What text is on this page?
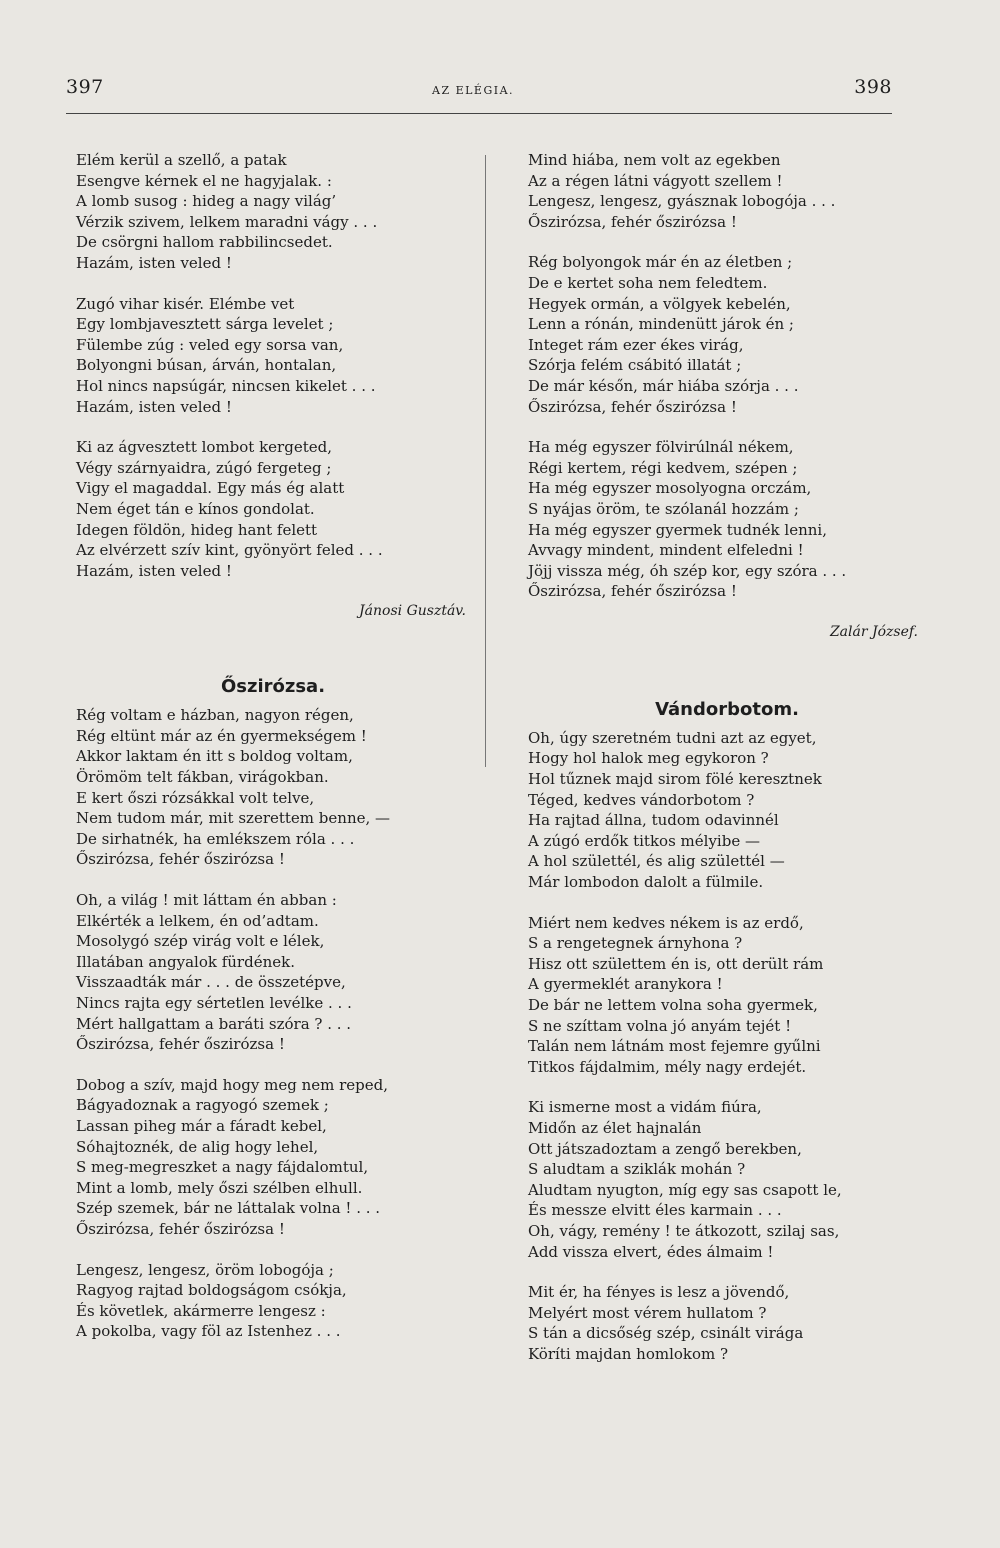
397	AZ ELÉGIA.	398
Elém kerül a szellő, a patak
Esengve kérnek el ne hagyjalak. :
A lomb susog : hideg a nagy világ’
Vérzik szivem, lelkem maradni vágy . . .
De csörgni hallom rabbilincsedet.
Hazám, isten veled !
Zugó vihar kisér. Elémbe vet
Egy lombjavesztett sárga levelet ;
Fülembe zúg : veled egy sorsa van,
Bolyongni búsan, árván, hontalan,
Hol nincs napsúgár, nincsen kikelet . . .
Hazám, isten veled !
Ki az ágvesztett lombot kergeted,
Végy szárnyaidra, zúgó fergeteg ;
Vigy el magaddal. Egy más ég alatt
Nem éget tán e kínos gondolat.
Idegen földön, hideg hant felett
Az elvérzett szív kint, gyönyört feled . . .
Hazám, isten veled !
Jánosi Gusztáv.
Őszirózsa.
Rég voltam e házban, nagyon régen,
Rég eltünt már az én gyermekségem !
Akkor laktam én itt s boldog voltam,
Örömöm telt fákban, virágokban.
E kert őszi rózsákkal volt telve,
Nem tudom már, mit szerettem benne, —
De sirhatnék, ha emlékszem róla . . .
Őszirózsa, fehér őszirózsa !
Oh, a világ ! mit láttam én abban :
Elkérték a lelkem, én od’adtam.
Mosolygó szép virág volt e lélek,
Illatában angyalok fürdének.
Visszaadták már . . . de összetépve,
Nincs rajta egy sértetlen levélke . . .
Mért hallgattam a baráti szóra ? . . .
Őszirózsa, fehér őszirózsa !
Dobog a szív, majd hogy meg nem reped,
Bágyadoznak a ragyogó szemek ;
Lassan piheg már a fáradt kebel,
Sóhajtoznék, de alig hogy lehel,
S meg-megreszket a nagy fájdalomtul,
Mint a lomb, mely őszi szélben elhull.
Szép szemek, bár ne láttalak volna ! . . .
Őszirózsa, fehér őszirózsa !
Lengesz, lengesz, öröm lobogója ;
Ragyog rajtad boldogságom csókja,
És követlek, akármerre lengesz :
A pokolba, vagy föl az Istenhez . . .
Mind hiába, nem volt az egekben
Az a régen látni vágyott szellem !
Lengesz, lengesz, gyásznak lobogója . . .
Őszirózsa, fehér őszirózsa !
Rég bolyongok már én az életben ;
De e kertet soha nem feledtem.
Hegyek ormán, a völgyek kebelén,
Lenn a rónán, mindenütt járok én ;
Integet rám ezer ékes virág,
Szórja felém csábitó illatát ;
De már későn, már hiába szórja . . .
Őszirózsa, fehér őszirózsa !
Ha még egyszer fölvirúlnál nékem,
Régi kertem, régi kedvem, szépen ;
Ha még egyszer mosolyogna orczám,
S nyájas öröm, te szólanál hozzám ;
Ha még egyszer gyermek tudnék lenni,
Avvagy mindent, mindent elfeledni !
Jöjj vissza még, óh szép kor, egy szóra . . .
Őszirózsa, fehér őszirózsa !
Zalár József.
Vándorbotom.
Oh, úgy szeretném tudni azt az egyet,
Hogy hol halok meg egykoron ?
Hol tűznek majd sirom fölé keresztnek
Téged, kedves vándorbotom ?
Ha rajtad állna, tudom odavinnél
A zúgó erdők titkos mélyibe —
A hol születtél, és alig születtél —
Már lombodon dalolt a fülmile.
Miért nem kedves nékem is az erdő,
S a rengetegnek árnyhona ?
Hisz ott születtem én is, ott derült rám
A gyermeklét aranykora !
De bár ne lettem volna soha gyermek,
S ne szíttam volna jó anyám tejét !
Talán nem látnám most fejemre gyűlni
Titkos fájdalmim, mély nagy erdejét.
Ki ismerne most a vidám fiúra,
Midőn az élet hajnalán
Ott játszadoztam a zengő berekben,
S aludtam a sziklák mohán ?
Aludtam nyugton, míg egy sas csapott le,
És messze elvitt éles karmain . . .
Oh, vágy, remény ! te átkozott, szilaj sas,
Add vissza elvert, édes álmaim !
Mit ér, ha fényes is lesz a jövendő,
Melyért most vérem hullatom ?
S tán a dicsőség szép, csinált virága
Köríti majdan homlokom ?
